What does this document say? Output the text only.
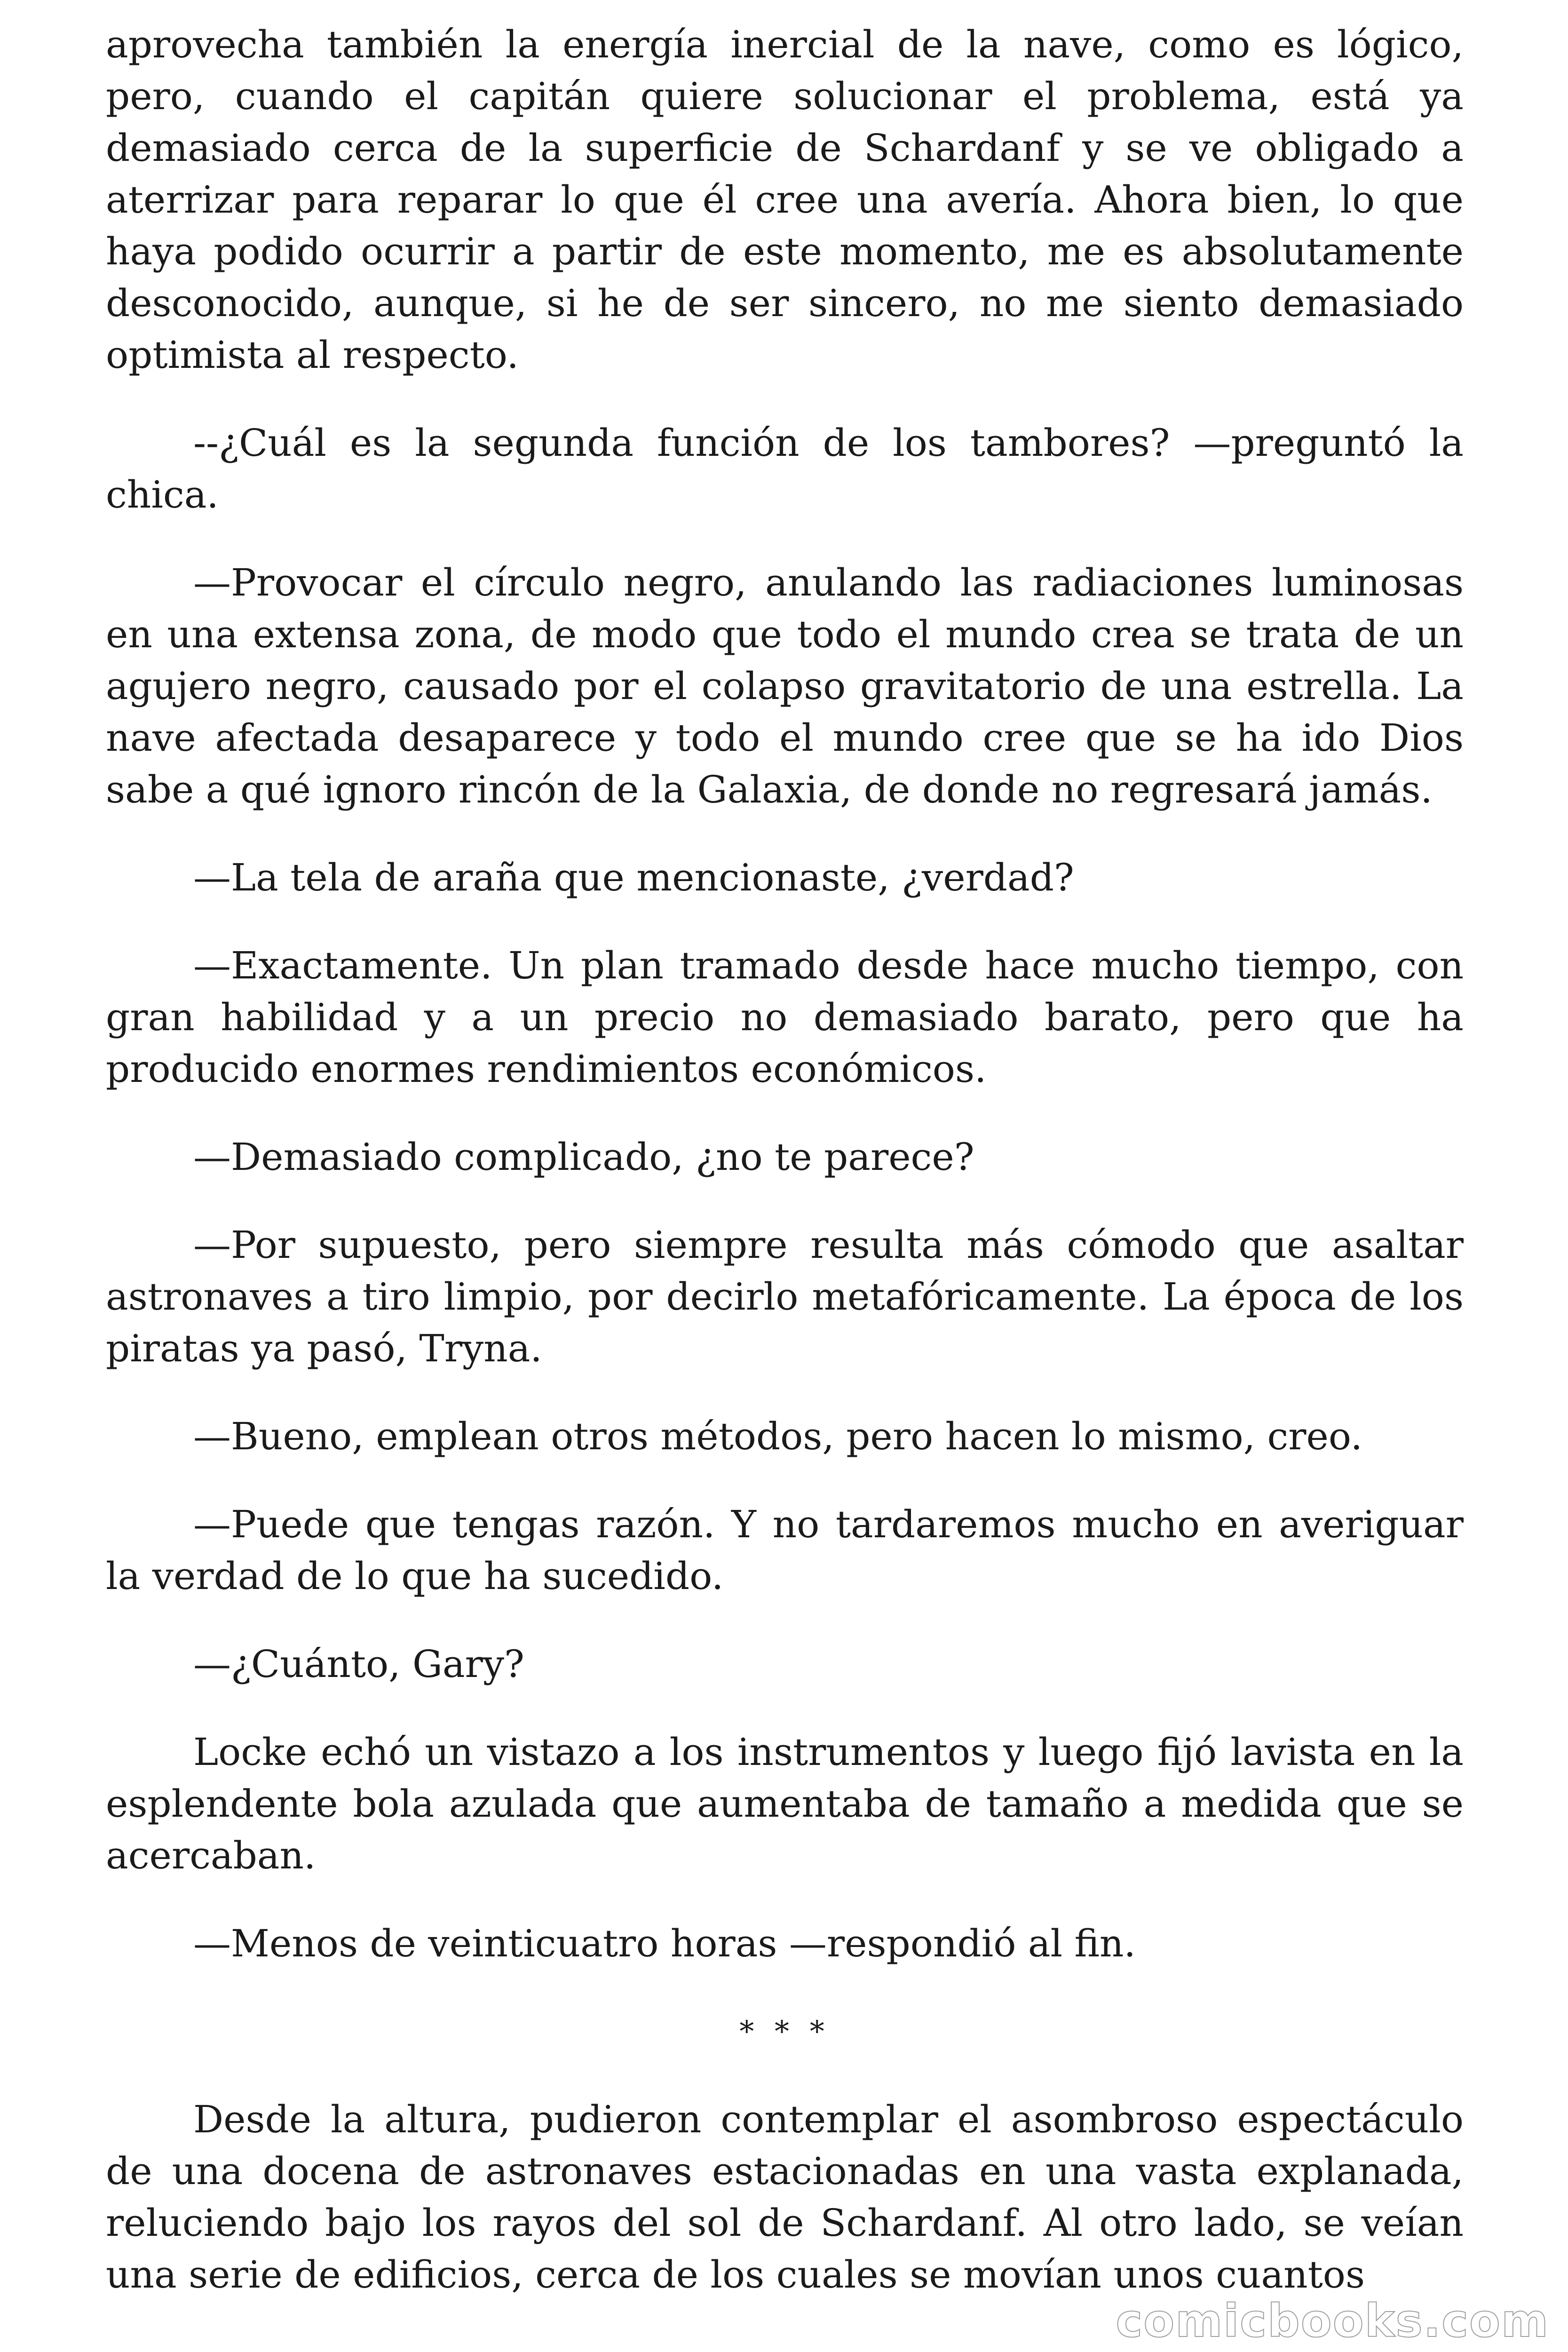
aprovecha también la energía inercial de la nave, como es lógico, pero, cuando el capitán quiere solucionar el problema, está ya demasiado cerca de la superficie de Schardanf y se ve obligado a aterrizar para reparar lo que él cree una avería. Ahora bien, lo que haya podido ocurrir a partir de este momento, me es absolutamente desconocido, aunque, si he de ser sincero, no me siento demasiado optimista al respecto.

--¿Cuál es la segunda función de los tambores? —preguntó la chica.

—Provocar el círculo negro, anulando las radiaciones luminosas en una extensa zona, de modo que todo el mundo crea se trata de un agujero negro, causado por el colapso gravitatorio de una estrella. La nave afectada desaparece y todo el mundo cree que se ha ido Dios sabe a qué ignoro rincón de la Galaxia, de donde no regresará jamás.

—La tela de araña que mencionaste, ¿verdad?

—Exactamente. Un plan tramado desde hace mucho tiempo, con gran habilidad y a un precio no demasiado barato, pero que ha producido enormes rendimientos económicos.

—Demasiado complicado, ¿no te parece?

—Por supuesto, pero siempre resulta más cómodo que asaltar astronaves a tiro limpio, por decirlo metafóricamente. La época de los piratas ya pasó, Tryna.

—Bueno, emplean otros métodos, pero hacen lo mismo, creo.

—Puede que tengas razón. Y no tardaremos mucho en averiguar la verdad de lo que ha sucedido.

—¿Cuánto, Gary?

Locke echó un vistazo a los instrumentos y luego fijó lavista en la esplendente bola azulada que aumentaba de tamaño a medida que se acercaban.

—Menos de veinticuatro horas —respondió al fin.

* * *

Desde la altura, pudieron contemplar el asombroso espectáculo de una docena de astronaves estacionadas en una vasta explanada, reluciendo bajo los rayos del sol de Schardanf. Al otro lado, se veían una serie de edificios, cerca de los cuales se movían unos cuantos

comicbooks.com
